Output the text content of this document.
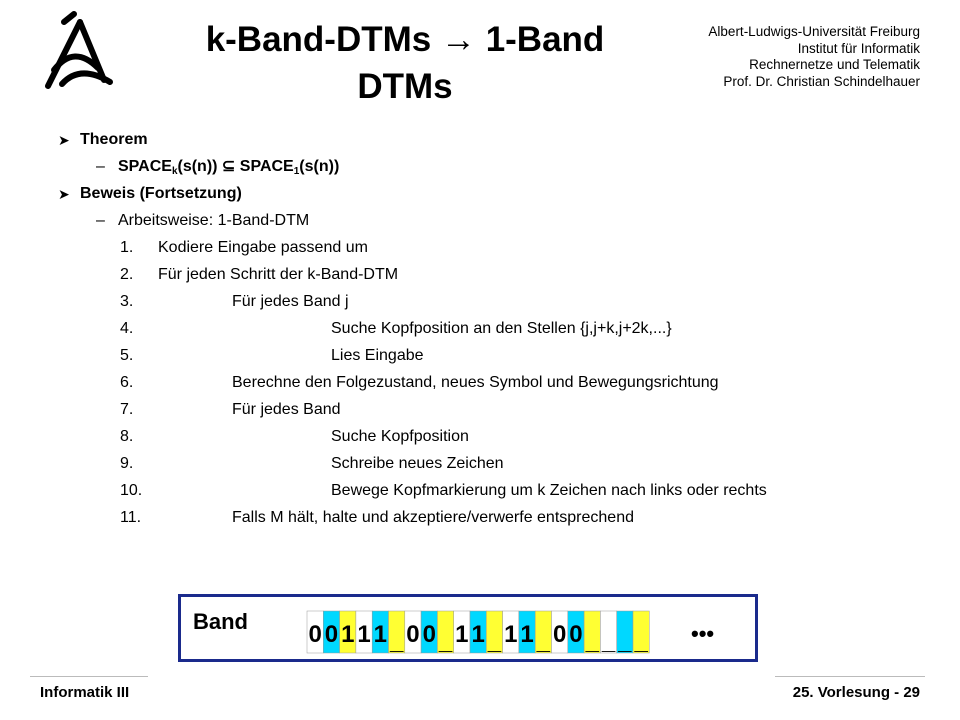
k-Band-DTMs → 1-Band
DTMs
Albert-Ludwigs-Universität Freiburg
Institut für Informatik
Rechnernetze und Telematik
Prof. Dr. Christian Schindelhauer
➤ Theorem
– $SPACE_k(s(n))$ ⊆ $SPACE_1(s(n))$
➤ Beweis (Fortsetzung)
– Arbeitsweise: 1-Band-DTM
1. Kodiere Eingabe passend um
2. Für jeden Schritt der k-Band-DTM
3.	Für jedes Band j
4.	Suche Kopfposition an den Stellen {j,j+k,j+2k,...}
5.	Lies Eingabe
6.	Berechne den Folgezustand, neues Symbol und Bewegungsrichtung
7.	Für jedes Band
8.	Suche Kopfposition
9.	Schreibe neues Zeichen
10.	Bewege Kopfmarkierung um k Zeichen nach links oder rechts
11.	Falls M hält, halte und akzeptiere/verwerfe entsprechend
Band	0 0 1 1 1 _ 0 0 _ 1 1 _ 1 1 _ 0 0 _ _ _ _ •••
Informatik III	25. Vorlesung - 29
